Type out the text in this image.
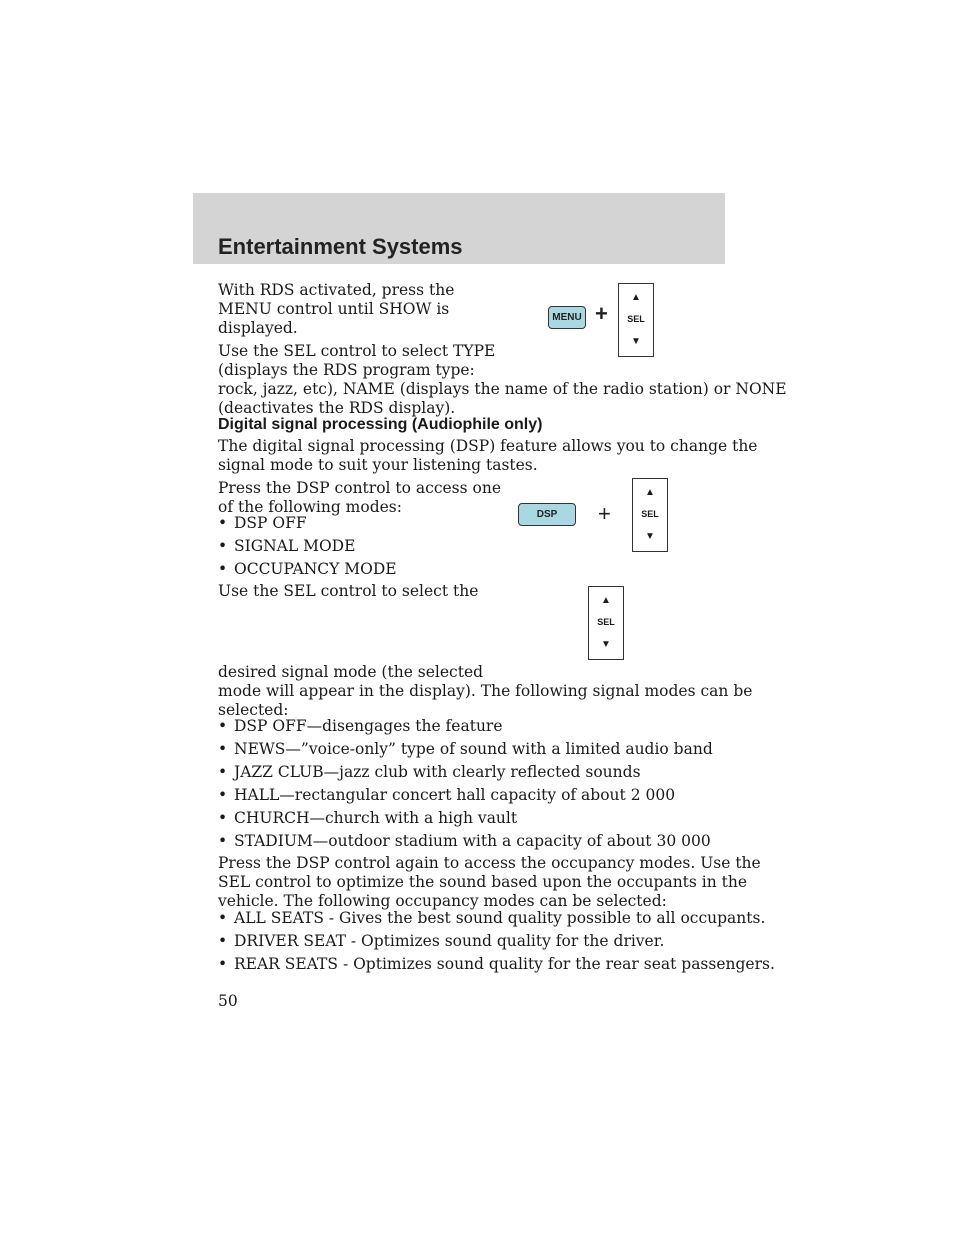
Entertainment Systems
With RDS activated, press the
MENU control until SHOW is
displayed.
Use the SEL control to select TYPE
(displays the RDS program type:
rock, jazz, etc), NAME (displays the name of the radio station) or NONE
(deactivates the RDS display).
MENU +
▲
SEL
▼
Digital signal processing (Audiophile only)
The digital signal processing (DSP) feature allows you to change the
signal mode to suit your listening tastes.
Press the DSP control to access one
of the following modes:
• DSP OFF
• SIGNAL MODE
• OCCUPANCY MODE
DSP	+
▲
SEL
▼
Use the SEL control to select the
▲
SEL
▼
desired signal mode (the selected
mode will appear in the display). The following signal modes can be
selected:
• DSP OFF—disengages the feature
• NEWS—”voice-only” type of sound with a limited audio band
• JAZZ CLUB—jazz club with clearly reflected sounds
• HALL—rectangular concert hall capacity of about 2 000
• CHURCH—church with a high vault
• STADIUM—outdoor stadium with a capacity of about 30 000
Press the DSP control again to access the occupancy modes. Use the
SEL control to optimize the sound based upon the occupants in the
vehicle. The following occupancy modes can be selected:
• ALL SEATS - Gives the best sound quality possible to all occupants.
• DRIVER SEAT - Optimizes sound quality for the driver.
• REAR SEATS - Optimizes sound quality for the rear seat passengers.
50
